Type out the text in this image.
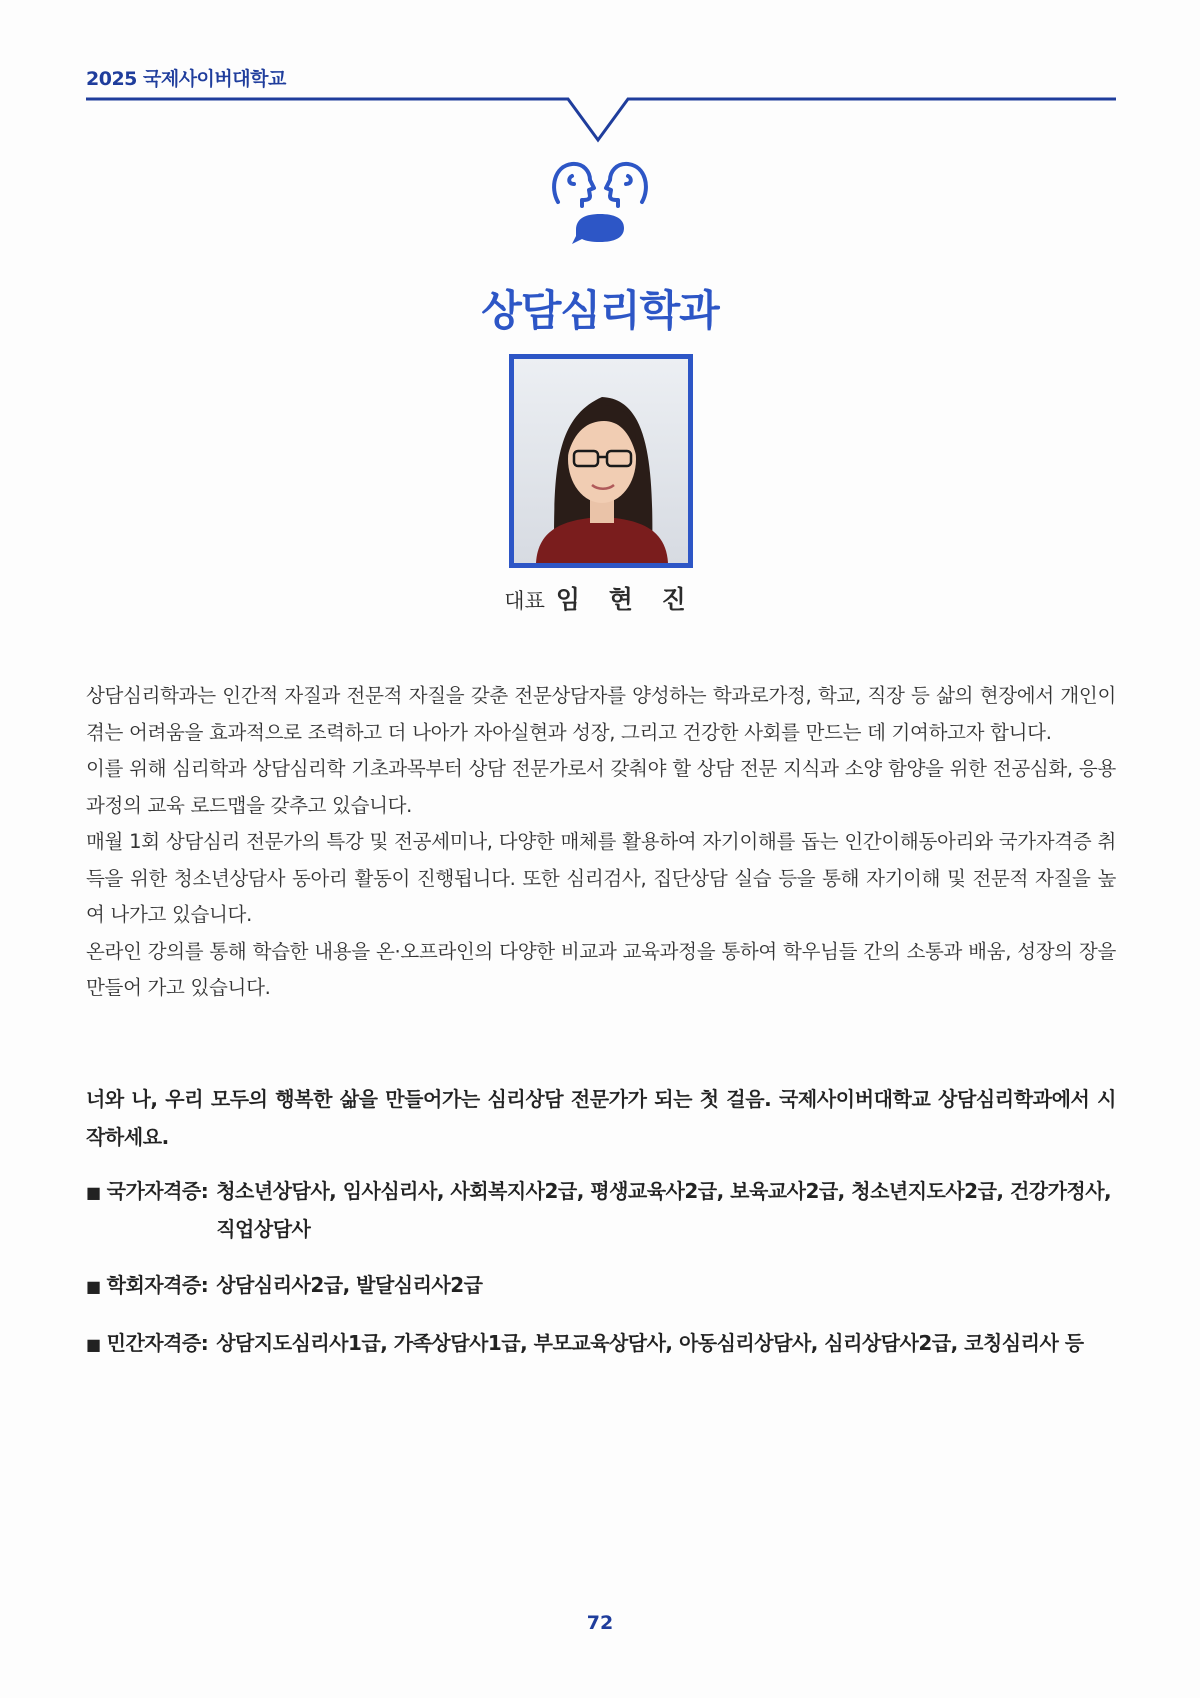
2025 국제사이버대학교
상담심리학과
대표 임 현 진

상담심리학과는 인간적 자질과 전문적 자질을 갖춘 전문상담자를 양성하는 학과로가정, 학교, 직장 등 삶의 현장에서 개인이 겪는 어려움을 효과적으로 조력하고 더 나아가 자아실현과 성장, 그리고 건강한 사회를 만드는 데 기여하고자 합니다.

이를 위해 심리학과 상담심리학 기초과목부터 상담 전문가로서 갖춰야 할 상담 전문 지식과 소양 함양을 위한 전공심화, 응용과정의 교육 로드맵을 갖추고 있습니다.

매월 1회 상담심리 전문가의 특강 및 전공세미나, 다양한 매체를 활용하여 자기이해를 돕는 인간이해동아리와 국가자격증 취득을 위한 청소년상담사 동아리 활동이 진행됩니다. 또한 심리검사, 집단상담 실습 등을 통해 자기이해 및 전문적 자질을 높여 나가고 있습니다.

온라인 강의를 통해 학습한 내용을 온·오프라인의 다양한 비교과 교육과정을 통하여 학우님들 간의 소통과 배움, 성장의 장을 만들어 가고 있습니다.

너와 나, 우리 모두의 행복한 삶을 만들어가는 심리상담 전문가가 되는 첫 걸음. 국제사이버대학교 상담심리학과에서 시작하세요.
■ 국가자격증: 청소년상담사, 임사심리사, 사회복지사2급, 평생교육사2급, 보육교사2급, 청소년지도사2급, 건강가정사, 직업상담사
■ 학회자격증: 상담심리사2급, 발달심리사2급
■ 민간자격증: 상담지도심리사1급, 가족상담사1급, 부모교육상담사, 아동심리상담사, 심리상담사2급, 코칭심리사 등
72
